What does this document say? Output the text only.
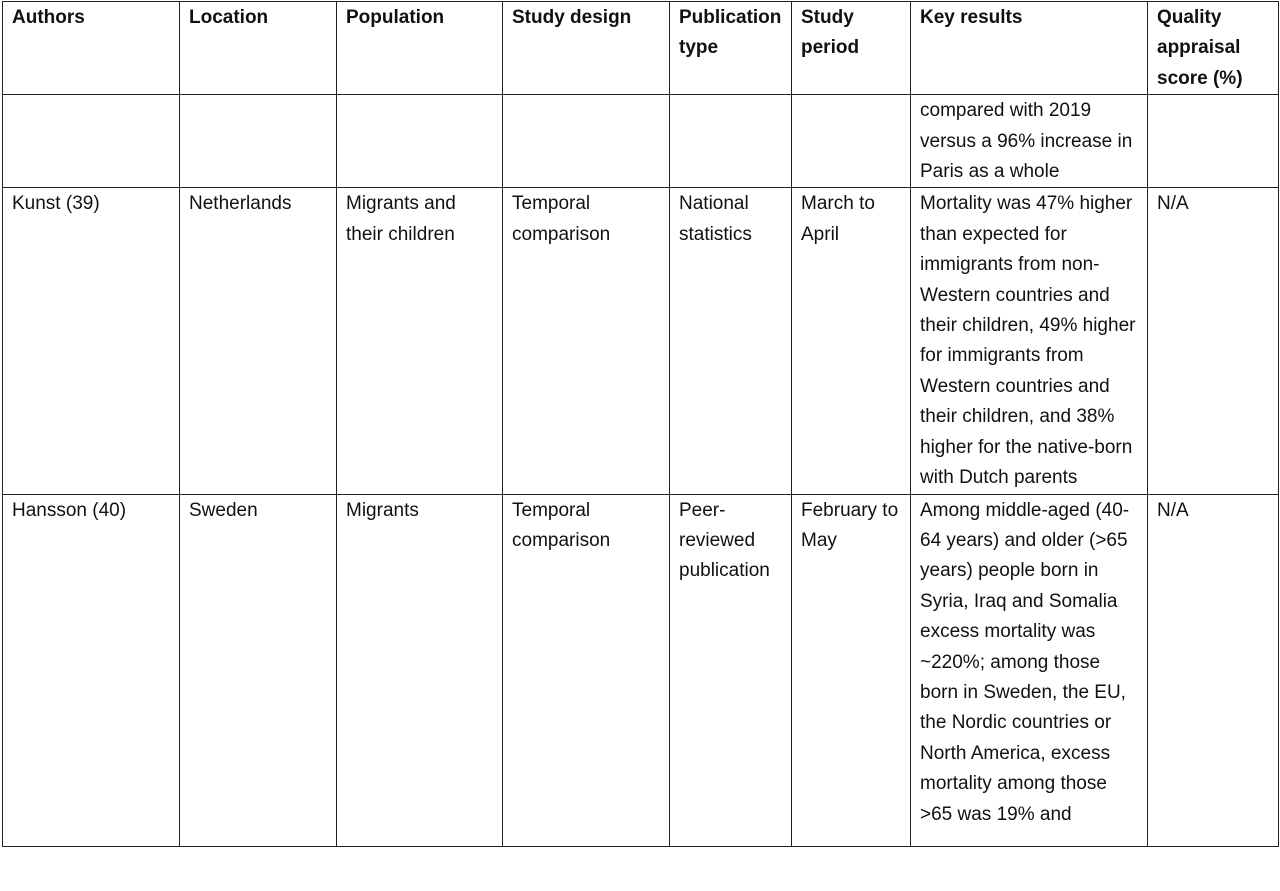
Authors	Location	Population	Study design	Publication type	Study period	Key results	Quality appraisal score (%)
						compared with 2019 versus a 96% increase in Paris as a whole	
Kunst (39)	Netherlands	Migrants and their children	Temporal comparison	National statistics	March to April	Mortality was 47% higher than expected for immigrants from non-Western countries and their children, 49% higher for immigrants from Western countries and their children, and 38% higher for the native-born with Dutch parents	N/A
Hansson (40)	Sweden	Migrants	Temporal comparison	Peer-reviewed publication	February to May	Among middle-aged (40-64 years) and older (>65 years) people born in Syria, Iraq and Somalia excess mortality was ~220%; among those born in Sweden, the EU, the Nordic countries or North America, excess mortality among those >65 was 19% and	N/A
